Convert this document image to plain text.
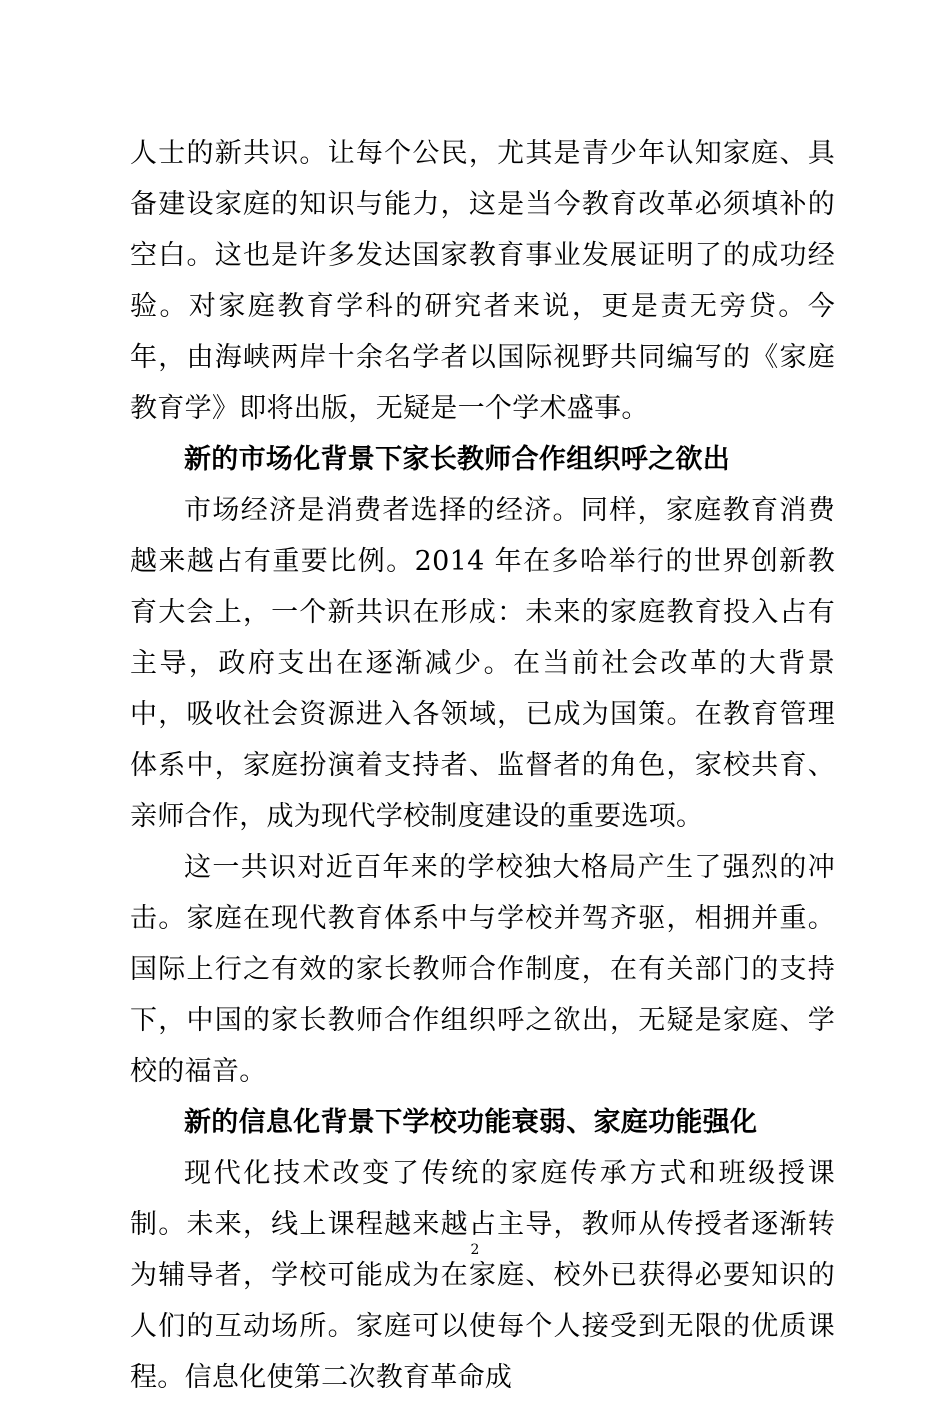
人士的新共识。让每个公民，尤其是青少年认知家庭、具备建设家庭的知识与能力，这是当今教育改革必须填补的空白。这也是许多发达国家教育事业发展证明了的成功经验。对家庭教育学科的研究者来说，更是责无旁贷。今年，由海峡两岸十余名学者以国际视野共同编写的《家庭教育学》即将出版，无疑是一个学术盛事。

新的市场化背景下家长教师合作组织呼之欲出

市场经济是消费者选择的经济。同样，家庭教育消费越来越占有重要比例。2014 年在多哈举行的世界创新教育大会上，一个新共识在形成：未来的家庭教育投入占有主导，政府支出在逐渐减少。在当前社会改革的大背景中，吸收社会资源进入各领域，已成为国策。在教育管理体系中，家庭扮演着支持者、监督者的角色，家校共育、亲师合作，成为现代学校制度建设的重要选项。

这一共识对近百年来的学校独大格局产生了强烈的冲击。家庭在现代教育体系中与学校并驾齐驱，相拥并重。国际上行之有效的家长教师合作制度，在有关部门的支持下，中国的家长教师合作组织呼之欲出，无疑是家庭、学校的福音。

新的信息化背景下学校功能衰弱、家庭功能强化

现代化技术改变了传统的家庭传承方式和班级授课制。未来，线上课程越来越占主导，教师从传授者逐渐转为辅导者，学校可能成为在家庭、校外已获得必要知识的人们的互动场所。家庭可以使每个人接受到无限的优质课程。信息化使第二次教育革命成

2
